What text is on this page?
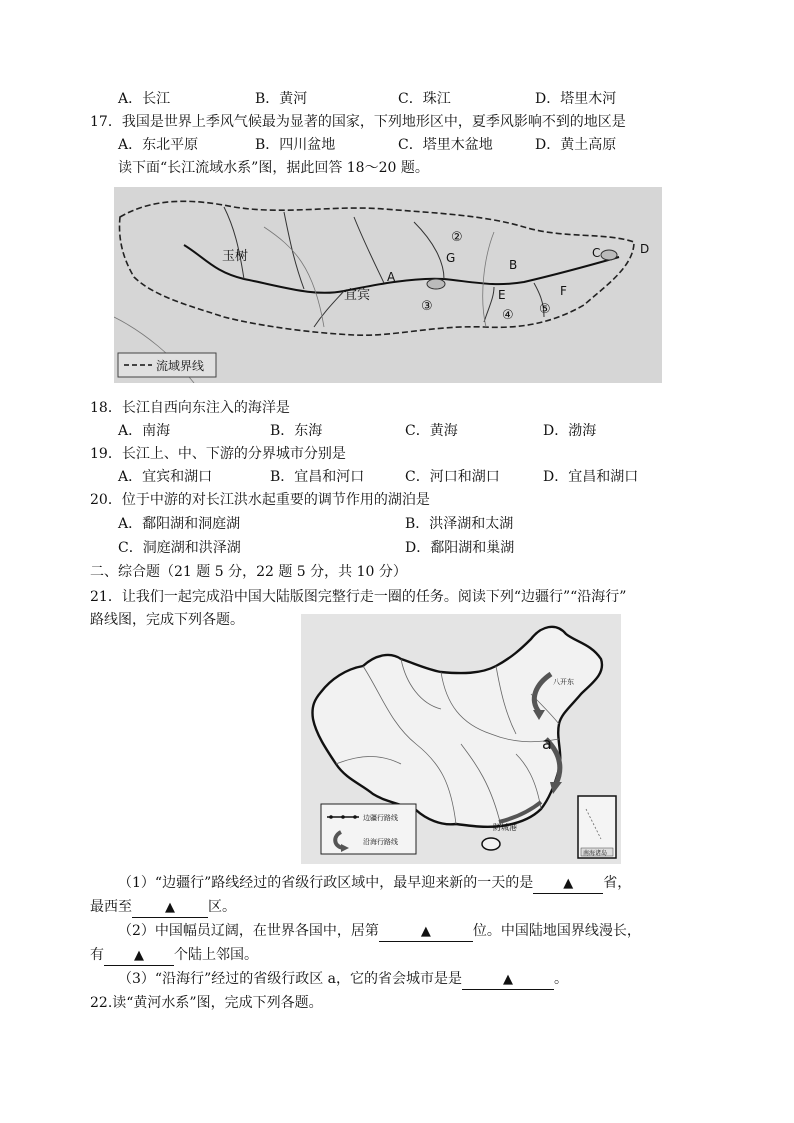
A．长江	B．黄河	C．珠江	D．塔里木河
17．我国是世界上季风气候最为显著的国家，下列地形区中，夏季风影响不到的地区是
A．东北平原	B．四川盆地	C．塔里木盆地	D．黄土高原
读下面“长江流域水系”图，据此回答 18～20 题。
玉树
宜宾
A
G	B
C	D
E	F
②
③
④ ⑤
流域界线
18．长江自西向东注入的海洋是
A．南海	B．东海	C．黄海	D．渤海
19．长江上、中、下游的分界城市分别是
A．宜宾和湖口	B．宜昌和河口	C．河口和湖口	D．宜昌和湖口
20．位于中游的对长江洪水起重要的调节作用的湖泊是
A．鄱阳湖和洞庭湖	B．洪泽湖和太湖
C．洞庭湖和洪泽湖	D．鄱阳湖和巢湖
二、综合题（21 题 5 分，22 题 5 分，共 10 分）
21．让我们一起完成沿中国大陆版图完整行走一圈的任务。阅读下列“边疆行”“沿海行”
路线图，完成下列各题。
a
八开东
防城港
南海诸岛
边疆行路线
沿海行路线
（1）“边疆行”路线经过的省级行政区域中，最早迎来新的一天的是 ▲ 省，
最西至	▲ 区。
（2）中国幅员辽阔，在世界各国中，居第	▲	位。中国陆地国界线漫长，
有 ▲ 个陆上邻国。
（3）“沿海行”经过的省级行政区 a，它的省会城市是是	▲	。
22.读“黄河水系”图，完成下列各题。
